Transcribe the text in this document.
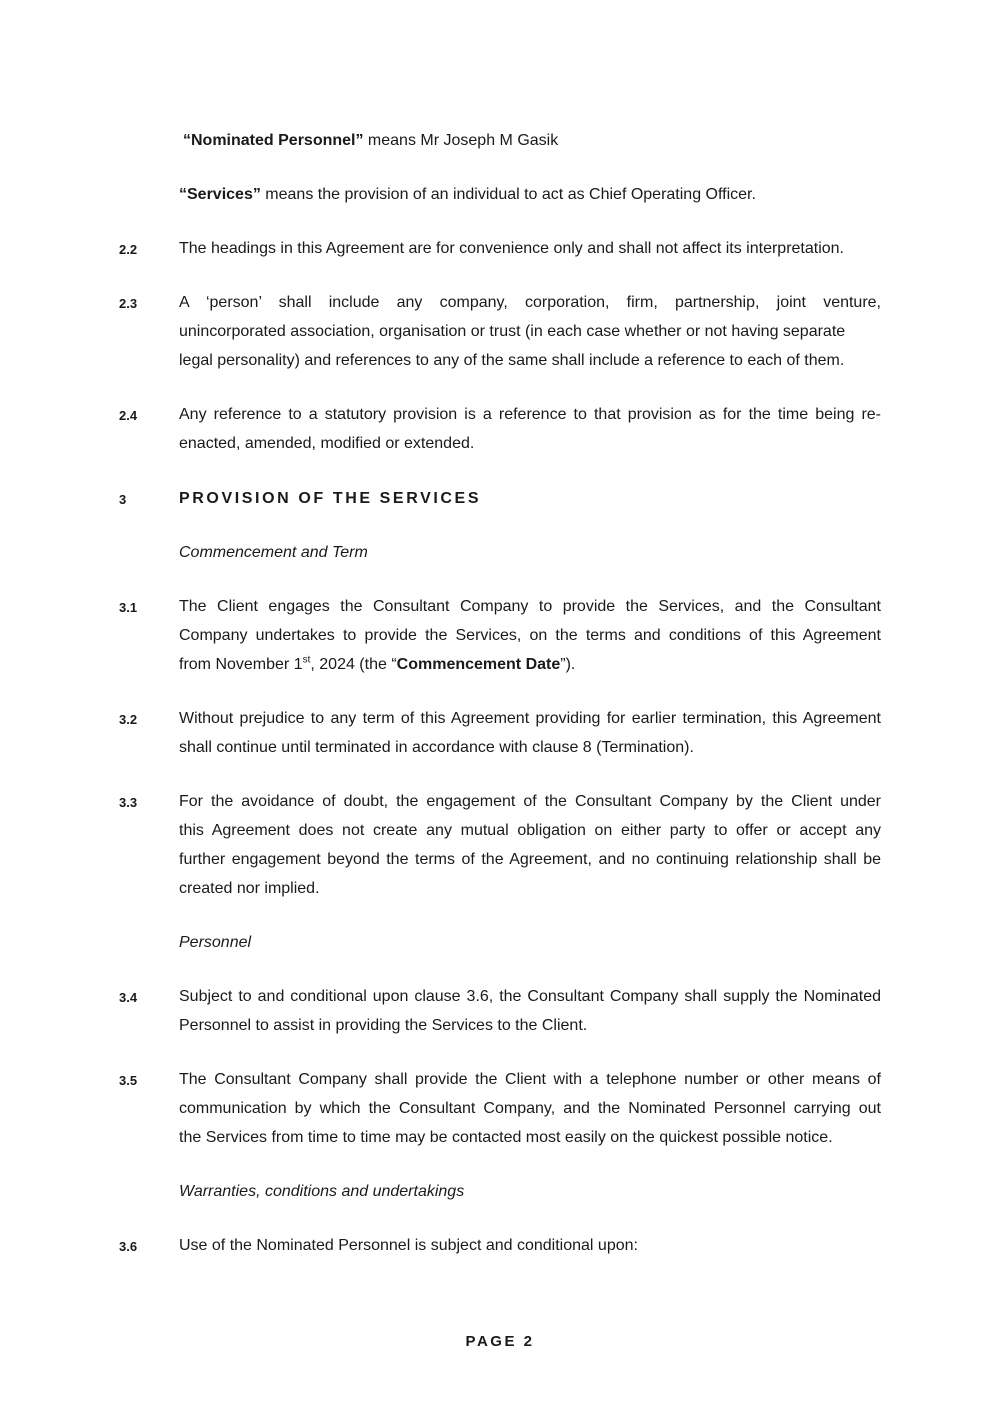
“Nominated Personnel” means Mr Joseph M Gasik
“Services” means the provision of an individual to act as Chief Operating Officer.
2.2	The headings in this Agreement are for convenience only and shall not affect its interpretation.
2.3	A ‘person’ shall include any company, corporation, firm, partnership, joint venture,
unincorporated association, organisation or trust (in each case whether or not having separate
legal personality) and references to any of the same shall include a reference to each of them.
2.4	Any reference to a statutory provision is a reference to that provision as for the time being re-
enacted, amended, modified or extended.
3	PROVISION OF THE SERVICES
Commencement and Term
3.1	The Client engages the Consultant Company to provide the Services, and the Consultant
Company undertakes to provide the Services, on the terms and conditions of this Agreement
from November 1st, 2024 (the “Commencement Date”).
3.2	Without prejudice to any term of this Agreement providing for earlier termination, this Agreement
shall continue until terminated in accordance with clause 8 (Termination).
3.3	For the avoidance of doubt, the engagement of the Consultant Company by the Client under
this Agreement does not create any mutual obligation on either party to offer or accept any
further engagement beyond the terms of the Agreement, and no continuing relationship shall be
created nor implied.
Personnel
3.4	Subject to and conditional upon clause 3.6, the Consultant Company shall supply the Nominated
Personnel to assist in providing the Services to the Client.
3.5	The Consultant Company shall provide the Client with a telephone number or other means of
communication by which the Consultant Company, and the Nominated Personnel carrying out
the Services from time to time may be contacted most easily on the quickest possible notice.
Warranties, conditions and undertakings
3.6	Use of the Nominated Personnel is subject and conditional upon:
PAGE 2
